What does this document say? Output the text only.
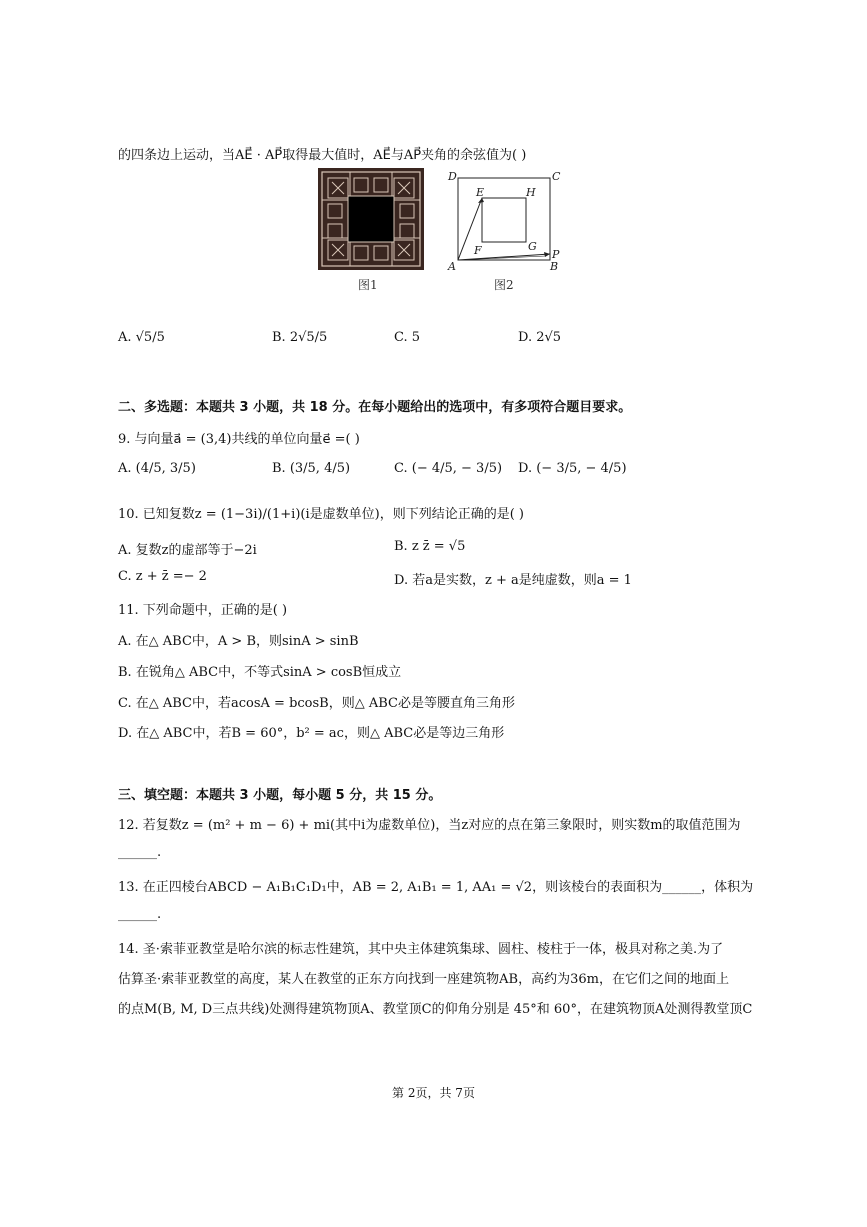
的四条边上运动，当AE⃗ · AP⃗取得最大值时，AE⃗与AP⃗夹角的余弦值为( )
图1
D	C
E	H
F	G
A
P
B
图2
A. √5/5	B. 2√5/5	C. 5	D. 2√5
二、多选题：本题共 3 小题，共 18 分。在每小题给出的选项中，有多项符合题目要求。
9. 与向量a⃗ = (3,4)共线的单位向量e⃗ =( )
A. (4/5, 3/5)	B. (3/5, 4/5)	C. (− 4/5, − 3/5) D. (− 3/5, − 4/5)
10. 已知复数z = (1−3i)/(1+i)(i是虚数单位)，则下列结论正确的是( )
A. 复数z的虚部等于−2i	B. z z̄ = √5
C. z + z̄ =− 2	D. 若a是实数，z + a是纯虚数，则a = 1
11. 下列命题中，正确的是( )
A. 在△ ABC中，A > B，则sinA > sinB
B. 在锐角△ ABC中，不等式sinA > cosB恒成立
C. 在△ ABC中，若acosA = bcosB，则△ ABC必是等腰直角三角形
D. 在△ ABC中，若B = 60°，b² = ac，则△ ABC必是等边三角形
三、填空题：本题共 3 小题，每小题 5 分，共 15 分。
12. 若复数z = (m² + m − 6) + mi(其中i为虚数单位)，当z对应的点在第三象限时，则实数m的取值范围为
______.
13. 在正四棱台ABCD − A₁B₁C₁D₁中，AB = 2, A₁B₁ = 1, AA₁ = √2，则该棱台的表面积为______，体积为
______.
14. 圣·索菲亚教堂是哈尔滨的标志性建筑，其中央主体建筑集球、圆柱、棱柱于一体，极具对称之美.为了
估算圣·索菲亚教堂的高度，某人在教堂的正东方向找到一座建筑物AB，高约为36m，在它们之间的地面上
的点M(B, M, D三点共线)处测得建筑物顶A、教堂顶C的仰角分别是 45°和 60°，在建筑物顶A处测得教堂顶C
第 2页，共 7页
